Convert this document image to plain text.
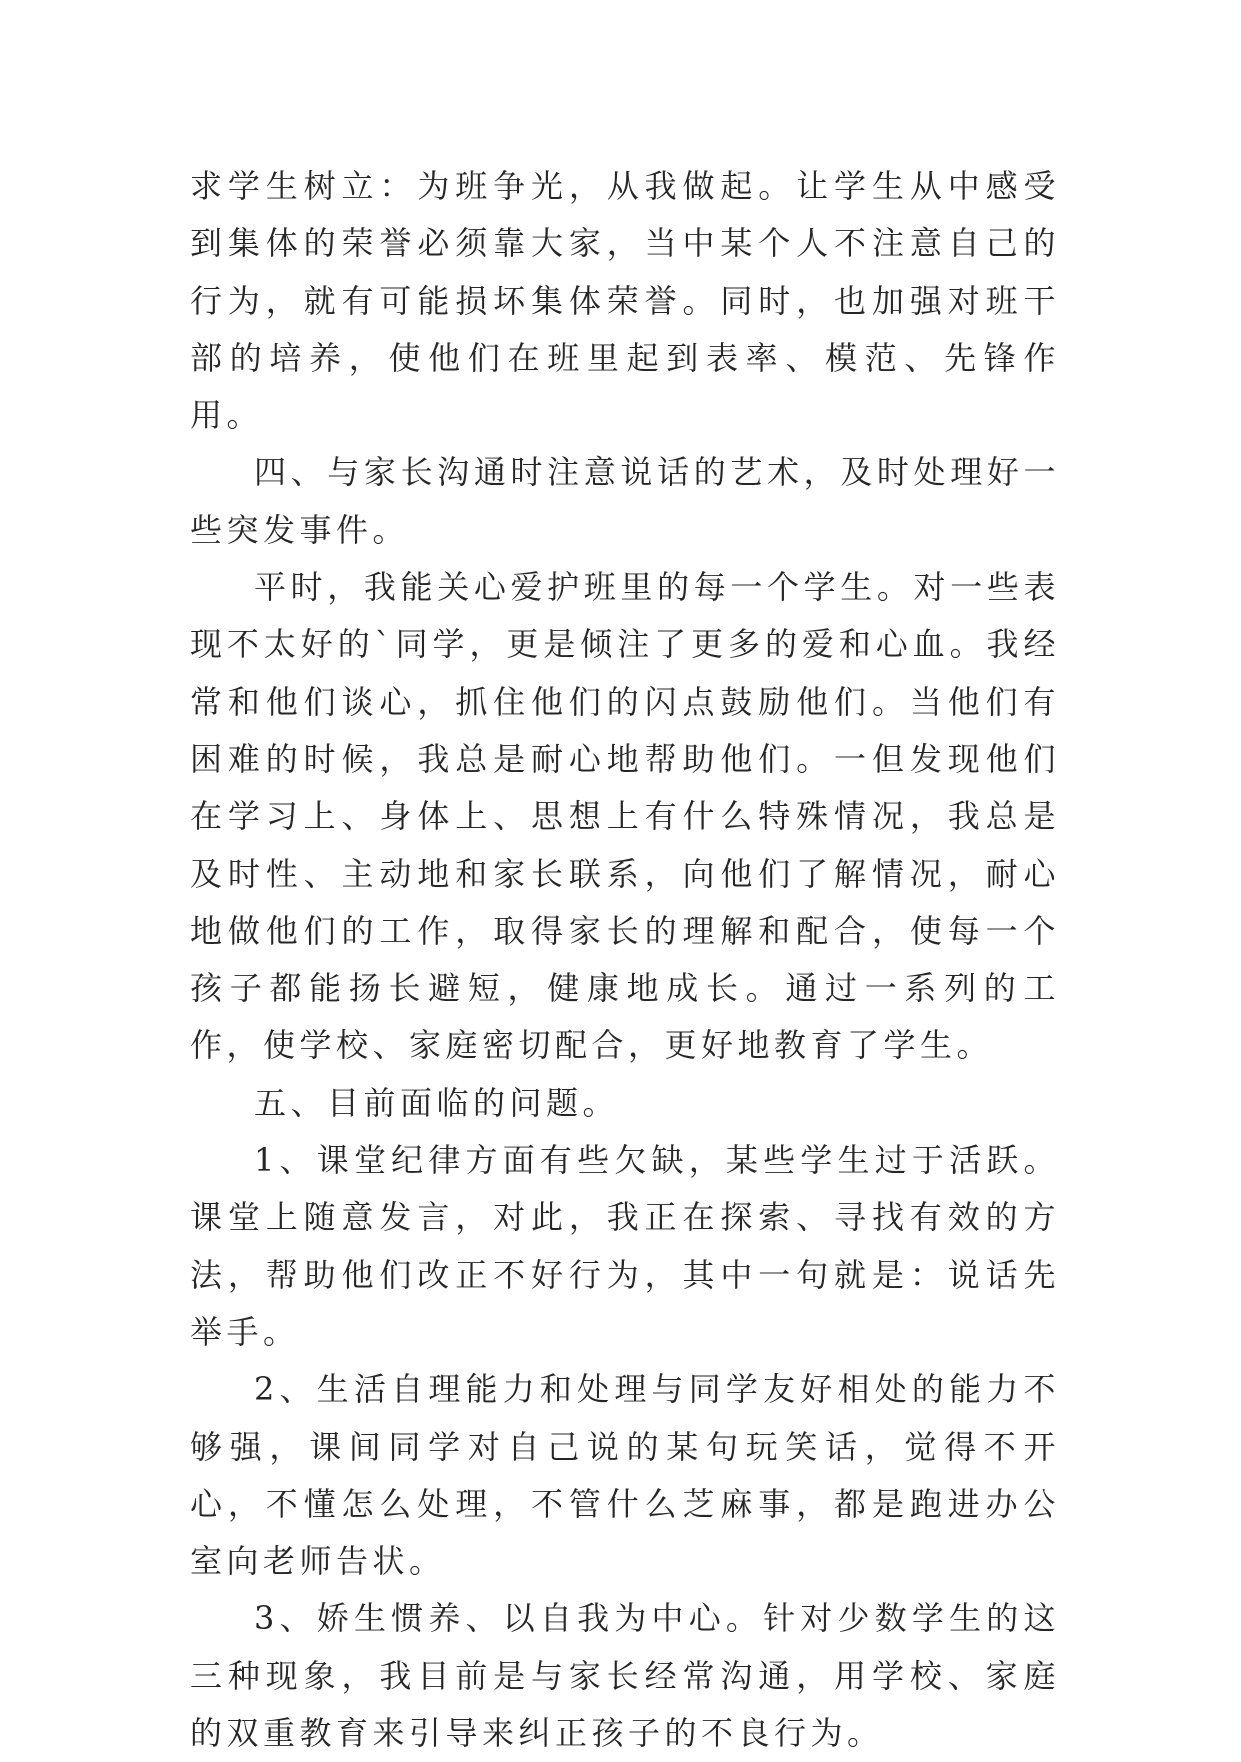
求学生树立：为班争光，从我做起。让学生从中感受到集体的荣誉必须靠大家，当中某个人不注意自己的行为，就有可能损坏集体荣誉。同时，也加强对班干部的培养，使他们在班里起到表率、模范、先锋作用。

四、与家长沟通时注意说话的艺术，及时处理好一些突发事件。

平时，我能关心爱护班里的每一个学生。对一些表现不太好的`同学，更是倾注了更多的爱和心血。我经常和他们谈心，抓住他们的闪点鼓励他们。当他们有困难的时候，我总是耐心地帮助他们。一但发现他们在学习上、身体上、思想上有什么特殊情况，我总是及时性、主动地和家长联系，向他们了解情况，耐心地做他们的工作，取得家长的理解和配合，使每一个孩子都能扬长避短，健康地成长。通过一系列的工作，使学校、家庭密切配合，更好地教育了学生。

五、目前面临的问题。

1、课堂纪律方面有些欠缺，某些学生过于活跃。课堂上随意发言，对此，我正在探索、寻找有效的方法，帮助他们改正不好行为，其中一句就是：说话先举手。

2、生活自理能力和处理与同学友好相处的能力不够强，课间同学对自己说的某句玩笑话，觉得不开心，不懂怎么处理，不管什么芝麻事，都是跑进办公室向老师告状。

3、娇生惯养、以自我为中心。针对少数学生的这三种现象，我目前是与家长经常沟通，用学校、家庭的双重教育来引导来纠正孩子的不良行为。
